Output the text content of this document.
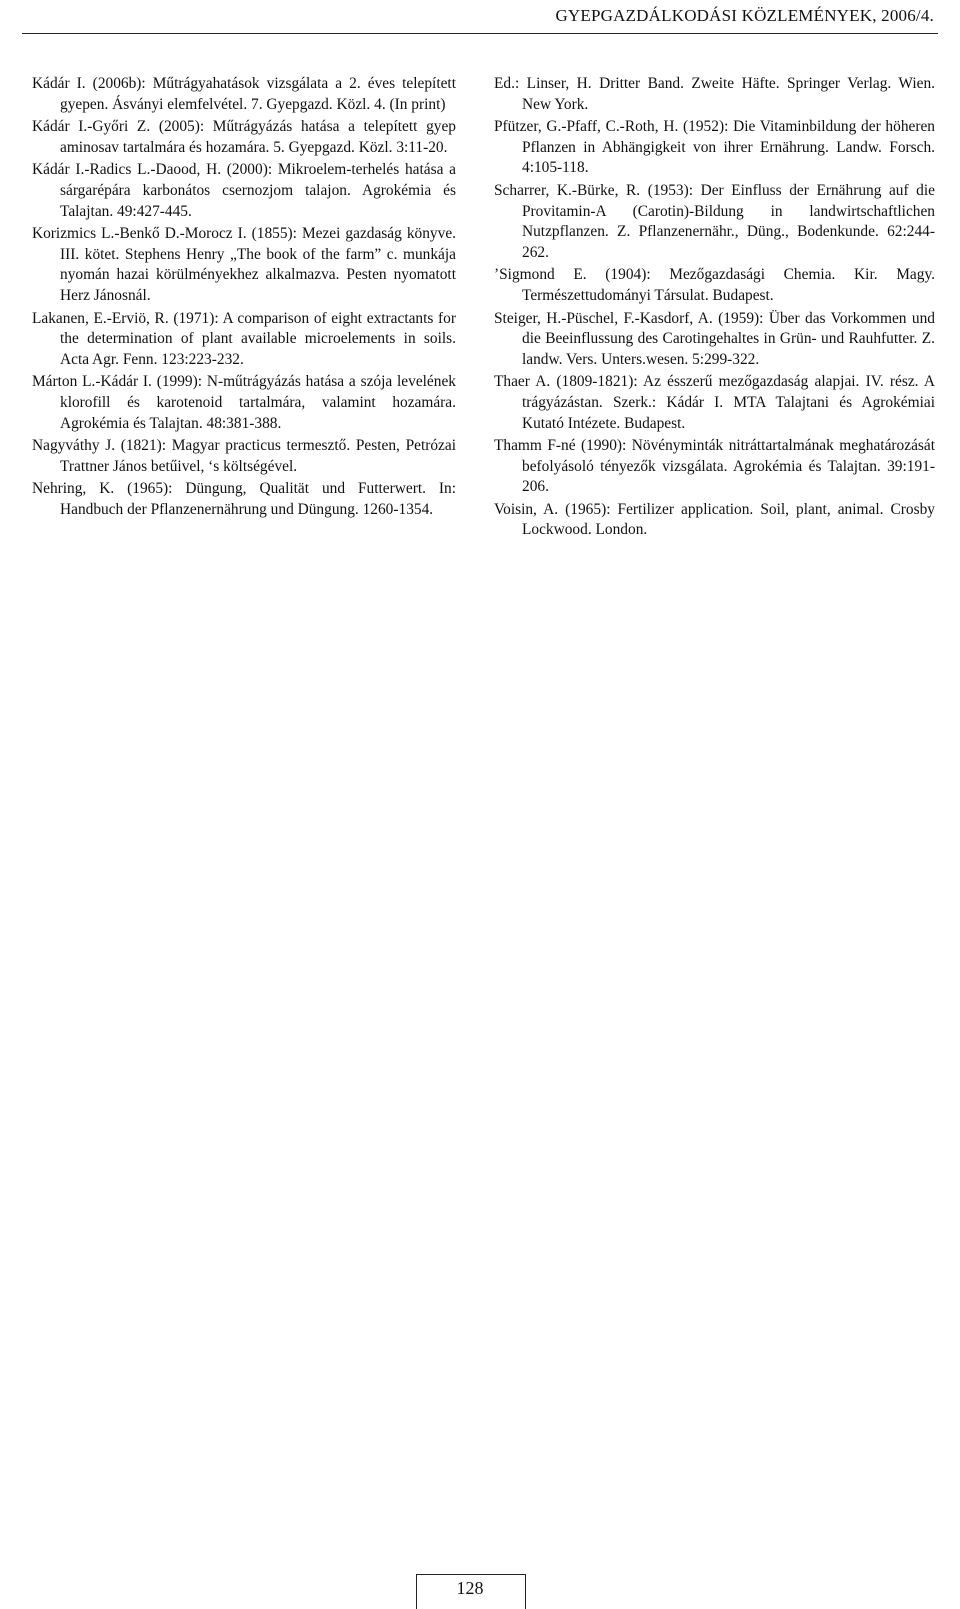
GYEPGAZDÁLKODÁSI KÖZLEMÉNYEK, 2006/4.

Kádár I. (2006b): Műtrágyahatások vizsgálata a 2. éves telepített gyepen. Ásványi elemfelvétel. 7. Gyepgazd. Közl. 4. (In print)

Kádár I.-Győri Z. (2005): Műtrágyázás hatása a telepített gyep aminosav tartalmára és hozamára. 5. Gyepgazd. Közl. 3:11-20.

Kádár I.-Radics L.-Daood, H. (2000): Mikroelem-terhelés hatása a sárgarépára karbonátos csernozjom talajon. Agrokémia és Talajtan. 49:427-445.

Korizmics L.-Benkő D.-Morocz I. (1855): Mezei gazdaság könyve. III. kötet. Stephens Henry „The book of the farm” c. munkája nyomán hazai körülményekhez alkalmazva. Pesten nyomatott Herz Jánosnál.

Lakanen, E.-Erviö, R. (1971): A comparison of eight extractants for the determination of plant available microelements in soils. Acta Agr. Fenn. 123:223-232.

Márton L.-Kádár I. (1999): N-műtrágyázás hatása a szója levelének klorofill és karotenoid tartalmára, valamint hozamára. Agrokémia és Talajtan. 48:381-388.

Nagyváthy J. (1821): Magyar practicus termesztő. Pesten, Petrózai Trattner János betűivel, ‘s költségével.

Nehring, K. (1965): Düngung, Qualität und Futterwert. In: Handbuch der Pflanzenernährung und Düngung. 1260-1354.

Ed.: Linser, H. Dritter Band. Zweite Häfte. Springer Verlag. Wien. New York.

Pfützer, G.-Pfaff, C.-Roth, H. (1952): Die Vitaminbildung der höheren Pflanzen in Abhängigkeit von ihrer Ernährung. Landw. Forsch. 4:105-118.

Scharrer, K.-Bürke, R. (1953): Der Einfluss der Ernährung auf die Provitamin-A (Carotin)-Bildung in landwirtschaftlichen Nutzpflanzen. Z. Pflanzenernähr., Düng., Bodenkunde. 62:244-262.

’Sigmond E. (1904): Mezőgazdasági Chemia. Kir. Magy. Természettudományi Társulat. Budapest.

Steiger, H.-Püschel, F.-Kasdorf, A. (1959): Über das Vorkommen und die Beeinflussung des Carotingehaltes in Grün- und Rauhfutter. Z. landw. Vers. Unters.wesen. 5:299-322.

Thaer A. (1809-1821): Az ésszerű mezőgazdaság alapjai. IV. rész. A trágyázástan. Szerk.: Kádár I. MTA Talajtani és Agrokémiai Kutató Intézete. Budapest.

Thamm F-né (1990): Növényminták nitráttartalmának meghatározását befolyásoló tényezők vizsgálata. Agrokémia és Talajtan. 39:191-206.

Voisin, A. (1965): Fertilizer application. Soil, plant, animal. Crosby Lockwood. London.

128
